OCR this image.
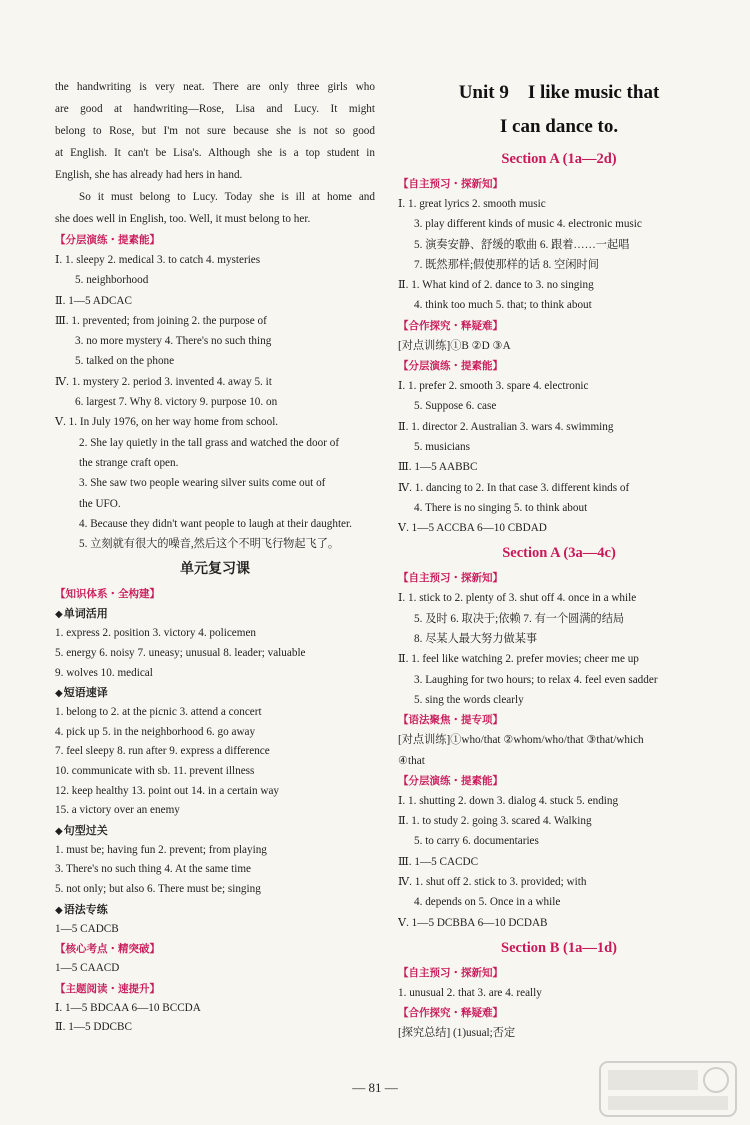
the handwriting is very neat. There are only three girls who
are good at handwriting—Rose, Lisa and Lucy. It might
belong to Rose, but I'm not sure because she is not so good
at English. It can't be Lisa's. Although she is a top student in
English, she has already had hers in hand.
So it must belong to Lucy. Today she is ill at home and
she does well in English, too. Well, it must belong to her.
【分层演练・提素能】
Ⅰ. 1. sleepy 2. medical 3. to catch 4. mysteries
5. neighborhood
Ⅱ. 1—5 ADCAC
Ⅲ. 1. prevented; from joining 2. the purpose of
3. no more mystery 4. There's no such thing
5. talked on the phone
Ⅳ. 1. mystery 2. period 3. invented 4. away 5. it
6. largest 7. Why 8. victory 9. purpose 10. on
Ⅴ. 1. In July 1976, on her way home from school.
2. She lay quietly in the tall grass and watched the door of
the strange craft open.
3. She saw two people wearing silver suits come out of
the UFO.
4. Because they didn't want people to laugh at their daughter.
5. 立刻就有很大的噪音,然后这个不明飞行物起飞了。
单元复习课
【知识体系・全构建】
◆单词活用
1. express 2. position 3. victory 4. policemen
5. energy 6. noisy 7. uneasy; unusual 8. leader; valuable
9. wolves 10. medical
◆短语速译
1. belong to 2. at the picnic 3. attend a concert
4. pick up 5. in the neighborhood 6. go away
7. feel sleepy 8. run after 9. express a difference
10. communicate with sb. 11. prevent illness
12. keep healthy 13. point out 14. in a certain way
15. a victory over an enemy
◆句型过关
1. must be; having fun 2. prevent; from playing
3. There's no such thing 4. At the same time
5. not only; but also 6. There must be; singing
◆语法专练
1—5 CADCB
【核心考点・精突破】
1—5 CAACD
【主题阅读・速提升】
Ⅰ. 1—5 BDCAA 6—10 BCCDA
Ⅱ. 1—5 DDCBC
Unit 9    I like music that
I can dance to.
Section A (1a—2d)
【自主预习・探新知】
Ⅰ. 1. great lyrics 2. smooth music
3. play different kinds of music 4. electronic music
5. 演奏安静、舒缓的歌曲 6. 跟着……一起唱
7. 既然那样;假使那样的话 8. 空闲时间
Ⅱ. 1. What kind of 2. dance to 3. no singing
4. think too much 5. that; to think about
【合作探究・释疑难】
[对点训练]①B ②D ③A
【分层演练・提素能】
Ⅰ. 1. prefer 2. smooth 3. spare 4. electronic
5. Suppose 6. case
Ⅱ. 1. director 2. Australian 3. wars 4. swimming
5. musicians
Ⅲ. 1—5 AABBC
Ⅳ. 1. dancing to 2. In that case 3. different kinds of
4. There is no singing 5. to think about
Ⅴ. 1—5 ACCBA 6—10 CBDAD
Section A (3a—4c)
【自主预习・探新知】
Ⅰ. 1. stick to 2. plenty of 3. shut off 4. once in a while
5. 及时 6. 取决于;依赖 7. 有一个圆满的结局
8. 尽某人最大努力做某事
Ⅱ. 1. feel like watching 2. prefer movies; cheer me up
3. Laughing for two hours; to relax 4. feel even sadder
5. sing the words clearly
【语法聚焦・提专项】
[对点训练]①who/that ②whom/who/that ③that/which
④that
【分层演练・提素能】
Ⅰ. 1. shutting 2. down 3. dialog 4. stuck 5. ending
Ⅱ. 1. to study 2. going 3. scared 4. Walking
5. to carry 6. documentaries
Ⅲ. 1—5 CACDC
Ⅳ. 1. shut off 2. stick to 3. provided; with
4. depends on 5. Once in a while
Ⅴ. 1—5 DCBBA 6—10 DCDAB
Section B (1a—1d)
【自主预习・探新知】
1. unusual 2. that 3. are 4. really
【合作探究・释疑难】
[探究总结] (1)usual;否定
— 81 —
